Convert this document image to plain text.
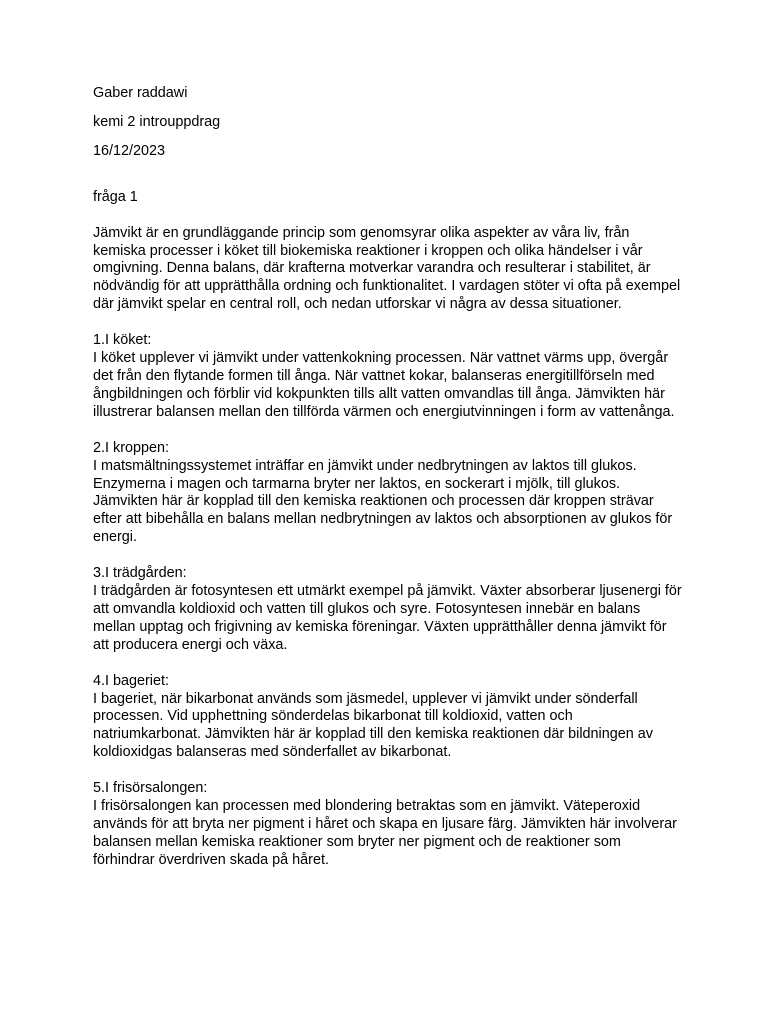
Gaber raddawi

kemi 2 introuppdrag

16/12/2023

fråga 1

Jämvikt är en grundläggande princip som genomsyrar olika aspekter av våra liv, från
kemiska processer i köket till biokemiska reaktioner i kroppen och olika händelser i vår
omgivning. Denna balans, där krafterna motverkar varandra och resulterar i stabilitet, är
nödvändig för att upprätthålla ordning och funktionalitet. I vardagen stöter vi ofta på exempel
där jämvikt spelar en central roll, och nedan utforskar vi några av dessa situationer.

1.I köket:

I köket upplever vi jämvikt under vattenkokning processen. När vattnet värms upp, övergår
det från den flytande formen till ånga. När vattnet kokar, balanseras energitillförseln med
ångbildningen och förblir vid kokpunkten tills allt vatten omvandlas till ånga. Jämvikten här
illustrerar balansen mellan den tillförda värmen och energiutvinningen i form av vattenånga.

2.I kroppen:

I matsmältningssystemet inträffar en jämvikt under nedbrytningen av laktos till glukos.
Enzymerna i magen och tarmarna bryter ner laktos, en sockerart i mjölk, till glukos.
Jämvikten här är kopplad till den kemiska reaktionen och processen där kroppen strävar
efter att bibehålla en balans mellan nedbrytningen av laktos och absorptionen av glukos för
energi.

3.I trädgården:

I trädgården är fotosyntesen ett utmärkt exempel på jämvikt. Växter absorberar ljusenergi för
att omvandla koldioxid och vatten till glukos och syre. Fotosyntesen innebär en balans
mellan upptag och frigivning av kemiska föreningar. Växten upprätthåller denna jämvikt för
att producera energi och växa.

4.I bageriet:

I bageriet, när bikarbonat används som jäsmedel, upplever vi jämvikt under sönderfall
processen. Vid upphettning sönderdelas bikarbonat till koldioxid, vatten och
natriumkarbonat. Jämvikten här är kopplad till den kemiska reaktionen där bildningen av
koldioxidgas balanseras med sönderfallet av bikarbonat.

5.I frisörsalongen:

I frisörsalongen kan processen med blondering betraktas som en jämvikt. Väteperoxid
används för att bryta ner pigment i håret och skapa en ljusare färg. Jämvikten här involverar
balansen mellan kemiska reaktioner som bryter ner pigment och de reaktioner som
förhindrar överdriven skada på håret.
